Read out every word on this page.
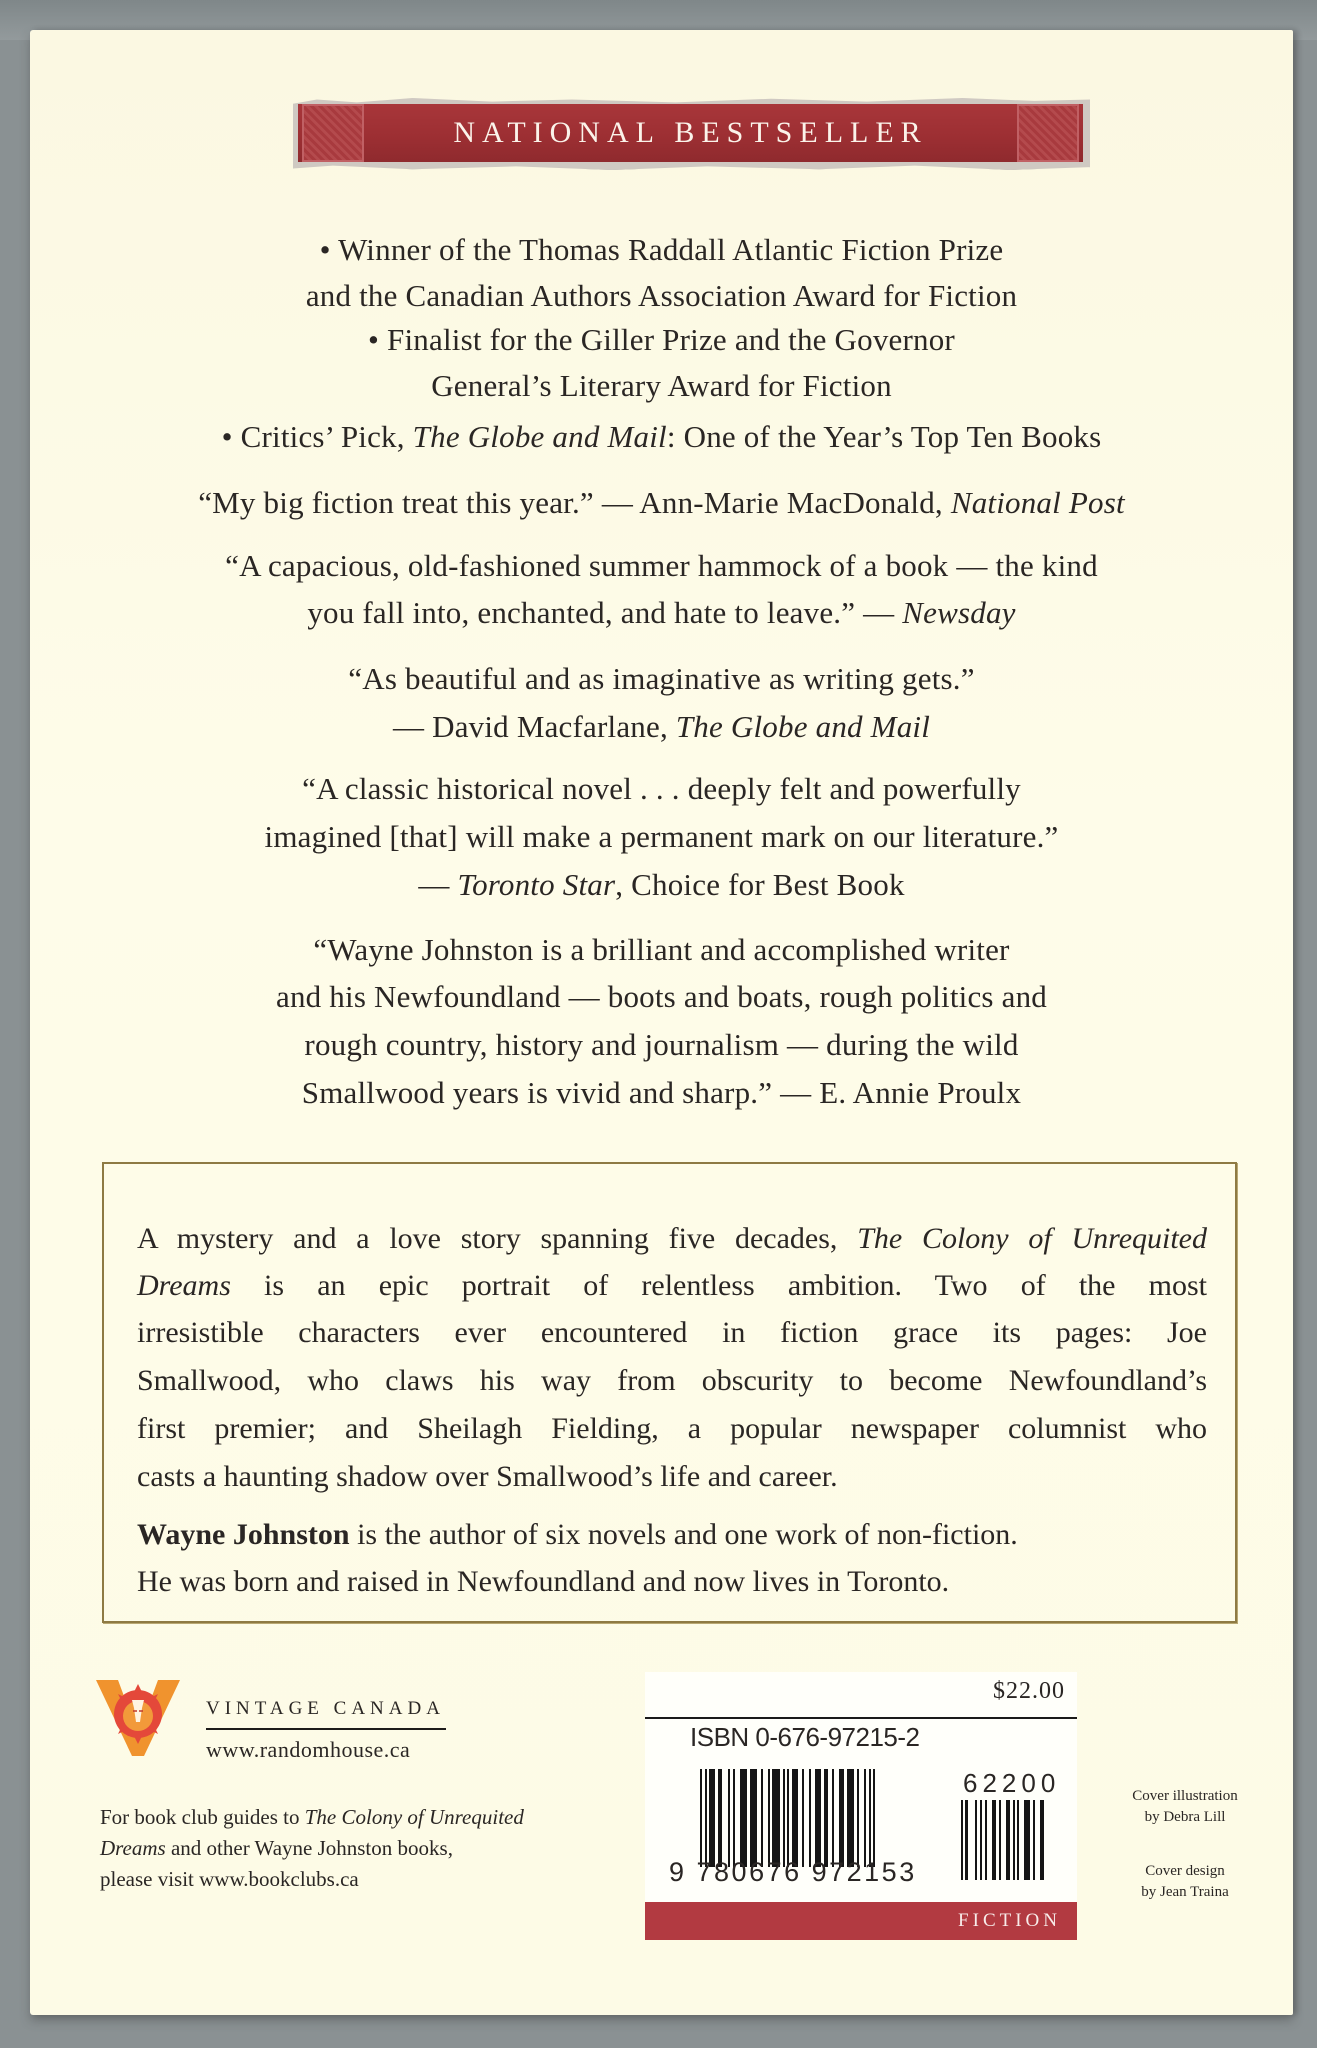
NATIONAL BESTSELLER
• Winner of the Thomas Raddall Atlantic Fiction Prize
and the Canadian Authors Association Award for Fiction
• Finalist for the Giller Prize and the Governor
General’s Literary Award for Fiction
• Critics’ Pick, The Globe and Mail: One of the Year’s Top Ten Books
“My big fiction treat this year.” — Ann-Marie MacDonald, National Post
“A capacious, old-fashioned summer hammock of a book — the kind
you fall into, enchanted, and hate to leave.” — Newsday
“As beautiful and as imaginative as writing gets.”
— David Macfarlane, The Globe and Mail
“A classic historical novel . . . deeply felt and powerfully
imagined [that] will make a permanent mark on our literature.”
— Toronto Star, Choice for Best Book
“Wayne Johnston is a brilliant and accomplished writer
and his Newfoundland — boots and boats, rough politics and
rough country, history and journalism — during the wild
Smallwood years is vivid and sharp.” — E. Annie Proulx
A mystery and a love story spanning five decades, The Colony of Unrequited
Dreams is an epic portrait of relentless ambition. Two of the most
irresistible characters ever encountered in fiction grace its pages: Joe
Smallwood, who claws his way from obscurity to become Newfoundland’s
first premier; and Sheilagh Fielding, a popular newspaper columnist who
casts a haunting shadow over Smallwood’s life and career.
Wayne Johnston is the author of six novels and one work of non-fiction.
He was born and raised in Newfoundland and now lives in Toronto.
VINTAGE CANADA
www.randomhouse.ca
For book club guides to The Colony of Unrequited
Dreams and other Wayne Johnston books,
please visit www.bookclubs.ca
$22.00
ISBN 0-676-97215-2
9 780676 972153
62200
FICTION
Cover illustration
by Debra Lill
Cover design
by Jean Traina
